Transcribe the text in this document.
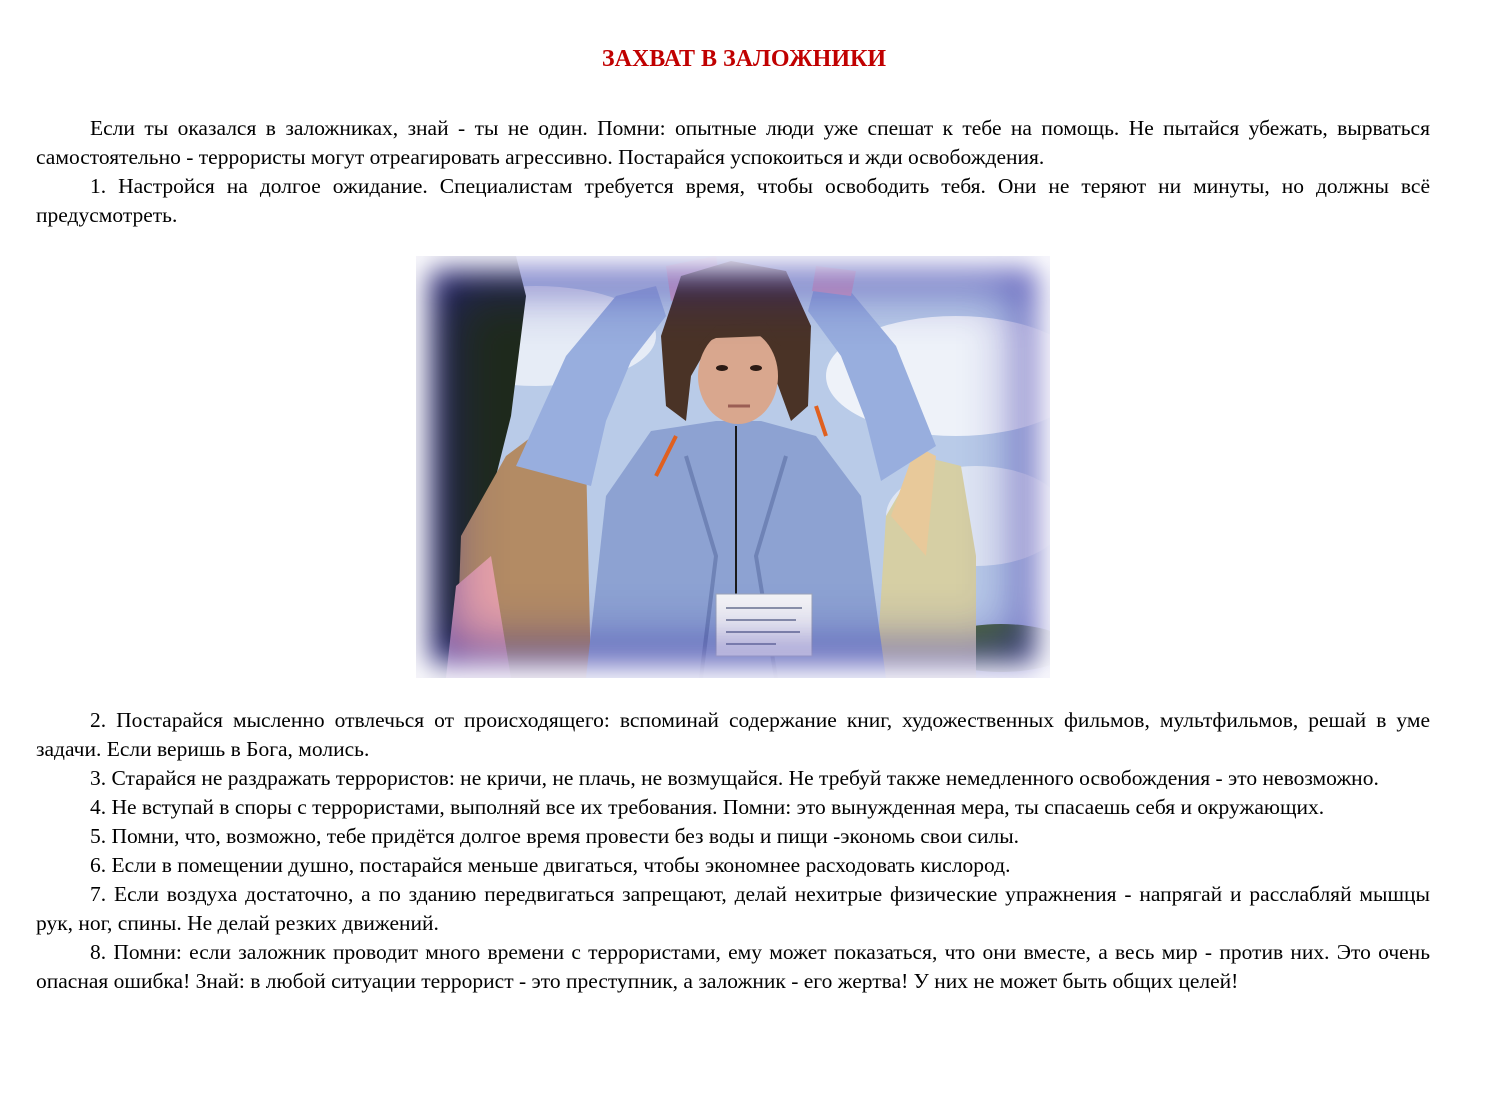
ЗАХВАТ В ЗАЛОЖНИКИ

Если ты оказался в заложниках, знай - ты не один. Помни: опытные люди уже спешат к тебе на помощь. Не пытайся убежать, вырваться самостоятельно - террористы могут отреагировать агрессивно. Постарайся успокоиться и жди освобождения.

1. Настройся на долгое ожидание. Специалистам требуется время, чтобы освободить тебя. Они не теряют ни минуты, но должны всё предусмотреть.

2. Постарайся мысленно отвлечься от происходящего: вспоминай содержание книг, художественных фильмов, мультфильмов, решай в уме задачи. Если веришь в Бога, молись.

3. Старайся не раздражать террористов: не кричи, не плачь, не возмущайся. Не требуй также немедленного освобождения - это невозможно.

4. Не вступай в споры с террористами, выполняй все их требования. Помни: это вынужденная мера, ты спасаешь себя и окружающих.

5. Помни, что, возможно, тебе придётся долгое время провести без воды и пищи -экономь свои силы.

6. Если в помещении душно, постарайся меньше двигаться, чтобы экономнее расходовать кислород.

7. Если воздуха достаточно, а по зданию передвигаться запрещают, делай нехитрые физические упражнения - напрягай и расслабляй мышцы рук, ног, спины. Не делай резких движений.

8. Помни: если заложник проводит много времени с террористами, ему может показаться, что они вместе, а весь мир - против них. Это очень опасная ошибка! Знай: в любой ситуации террорист - это преступник, а заложник - его жертва! У них не может быть общих целей!
